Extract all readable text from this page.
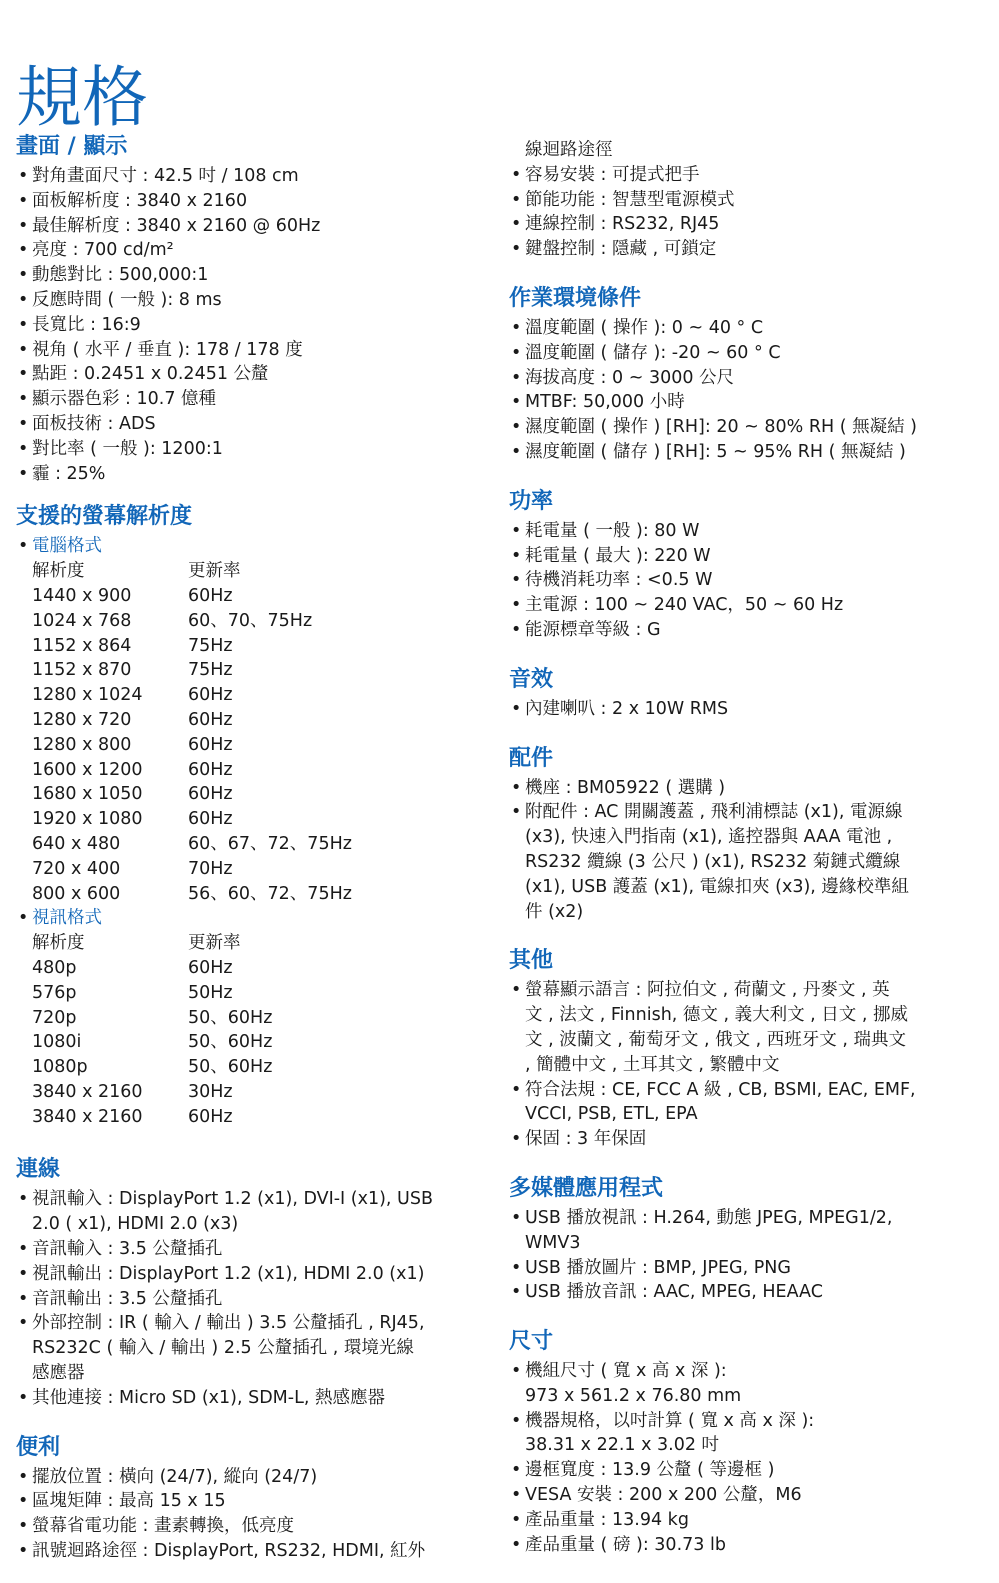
規格
畫面 / 顯示
• 對角畫面尺寸 : 42.5 吋 / 108 cm
• 面板解析度 : 3840 x 2160
• 最佳解析度 : 3840 x 2160 @ 60Hz
• 亮度 : 700 cd/m²
• 動態對比 : 500,000:1
• 反應時間 ( 一般 ): 8 ms
• 長寬比 : 16:9
• 視角 ( 水平 / 垂直 ): 178 / 178 度
• 點距 : 0.2451 x 0.2451 公釐
• 顯示器色彩 : 10.7 億種
• 面板技術 : ADS
• 對比率 ( 一般 ): 1200:1
• 霾 : 25%
支援的螢幕解析度
• 電腦格式
解析度	更新率
1440 x 900	60Hz
1024 x 768	60、70、75Hz
1152 x 864	75Hz
1152 x 870	75Hz
1280 x 1024	60Hz
1280 x 720	60Hz
1280 x 800	60Hz
1600 x 1200	60Hz
1680 x 1050	60Hz
1920 x 1080	60Hz
640 x 480	60、67、72、75Hz
720 x 400	70Hz
800 x 600	56、60、72、75Hz
• 視訊格式
解析度	更新率
480p	60Hz
576p	50Hz
720p	50、60Hz
1080i	50、60Hz
1080p	50、60Hz
3840 x 2160	30Hz
3840 x 2160	60Hz
連線
• 視訊輸入 : DisplayPort 1.2 (x1), DVI-I (x1), USB
2.0 ( x1), HDMI 2.0 (x3)
• 音訊輸入 : 3.5 公釐插孔
• 視訊輸出 : DisplayPort 1.2 (x1), HDMI 2.0 (x1)
• 音訊輸出 : 3.5 公釐插孔
• 外部控制 : IR ( 輸入 / 輸出 ) 3.5 公釐插孔 , RJ45,
RS232C ( 輸入 / 輸出 ) 2.5 公釐插孔 , 環境光線
感應器
• 其他連接 : Micro SD (x1), SDM-L, 熱感應器
便利
• 擺放位置 : 橫向 (24/7), 縱向 (24/7)
• 區塊矩陣 : 最高 15 x 15
• 螢幕省電功能 : 畫素轉換，低亮度
• 訊號迴路途徑 : DisplayPort, RS232, HDMI, 紅外
線迴路途徑
• 容易安裝 : 可提式把手
• 節能功能 : 智慧型電源模式
• 連線控制 : RS232, RJ45
• 鍵盤控制 : 隱藏 , 可鎖定
作業環境條件
• 溫度範圍 ( 操作 ): 0 ~ 40 ° C
• 溫度範圍 ( 儲存 ): -20 ~ 60 ° C
• 海拔高度 : 0 ~ 3000 公尺
• MTBF: 50,000 小時
• 濕度範圍 ( 操作 ) [RH]: 20 ~ 80% RH ( 無凝結 )
• 濕度範圍 ( 儲存 ) [RH]: 5 ~ 95% RH ( 無凝結 )
功率
• 耗電量 ( 一般 ): 80 W
• 耗電量 ( 最大 ): 220 W
• 待機消耗功率 : <0.5 W
• 主電源 : 100 ~ 240 VAC，50 ~ 60 Hz
• 能源標章等級 : G
音效
• 內建喇叭 : 2 x 10W RMS
配件
• 機座 : BM05922 ( 選購 )
• 附配件 : AC 開關護蓋 , 飛利浦標誌 (x1), 電源線
(x3), 快速入門指南 (x1), 遙控器與 AAA 電池 ,
RS232 纜線 (3 公尺 ) (x1), RS232 菊鏈式纜線
(x1), USB 護蓋 (x1), 電線扣夾 (x3), 邊緣校準組
件 (x2)
其他
• 螢幕顯示語言 : 阿拉伯文 , 荷蘭文 , 丹麥文 , 英
文 , 法文 , Finnish, 德文 , 義大利文 , 日文 , 挪威
文 , 波蘭文 , 葡萄牙文 , 俄文 , 西班牙文 , 瑞典文
, 簡體中文 , 土耳其文 , 繁體中文
• 符合法規 : CE, FCC A 級 , CB, BSMI, EAC, EMF,
VCCI, PSB, ETL, EPA
• 保固 : 3 年保固
多媒體應用程式
• USB 播放視訊 : H.264, 動態 JPEG, MPEG1/2,
WMV3
• USB 播放圖片 : BMP, JPEG, PNG
• USB 播放音訊 : AAC, MPEG, HEAAC
尺寸
• 機組尺寸 ( 寬 x 高 x 深 ):
973 x 561.2 x 76.80 mm
• 機器規格，以吋計算 ( 寬 x 高 x 深 ):
38.31 x 22.1 x 3.02 吋
• 邊框寬度 : 13.9 公釐 ( 等邊框 )
• VESA 安裝 : 200 x 200 公釐，M6
• 產品重量 : 13.94 kg
• 產品重量 ( 磅 ): 30.73 lb
